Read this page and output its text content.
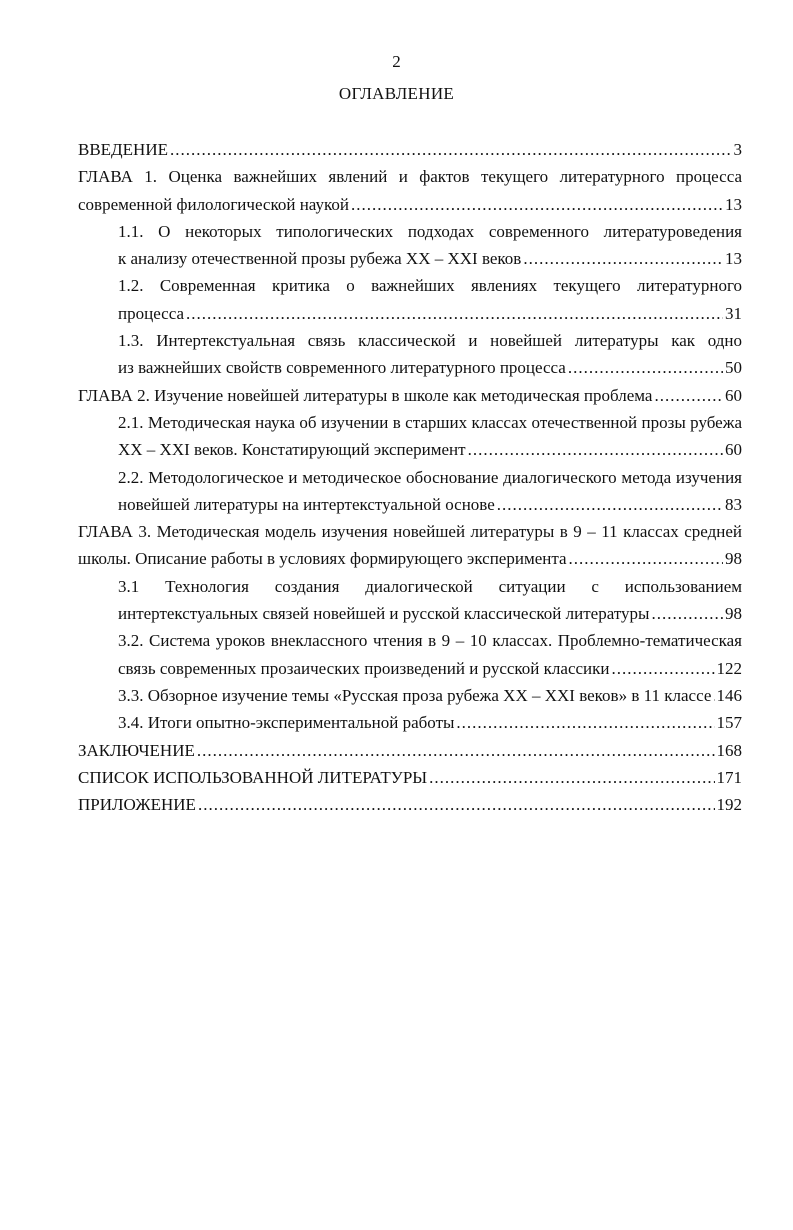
2
ОГЛАВЛЕНИЕ
ВВЕДЕНИЕ .....	3
ГЛАВА 1. Оценка важнейших явлений и фактов текущего литературного процесса
современной филологической наукой .....	13
1.1. О некоторых типологических подходах современного литературоведения
к анализу отечественной прозы рубежа XX – XXI веков .....	13
1.2. Современная критика о важнейших явлениях текущего литературного
процесса .....	31
1.3. Интертекстуальная связь классической и новейшей литературы как одно
из важнейших свойств современного литературного процесса .....	50
ГЛАВА 2. Изучение новейшей литературы в школе как методическая проблема .....	60
2.1. Методическая наука об изучении в старших классах отечественной прозы рубежа
XX – XXI веков. Констатирующий эксперимент .....	60
2.2. Методологическое и методическое обоснование диалогического метода изучения
новейшей литературы на интертекстуальной основе .....	83
ГЛАВА 3. Методическая модель изучения новейшей литературы в 9 – 11 классах средней
школы. Описание работы в условиях формирующего эксперимента .....	98
3.1 Технология создания диалогической ситуации с использованием
интертекстуальных связей новейшей и русской классической литературы .....	98
3.2. Система уроков внеклассного чтения в 9 – 10 классах. Проблемно-тематическая
связь современных прозаических произведений и русской классики .....	122
3.3. Обзорное изучение темы «Русская проза рубежа XX – XXI веков» в 11 классе ..... 146
3.4. Итоги опытно-экспериментальной работы .....	157
ЗАКЛЮЧЕНИЕ .....	168
СПИСОК ИСПОЛЬЗОВАННОЙ ЛИТЕРАТУРЫ .....	171
ПРИЛОЖЕНИЕ .....	192
